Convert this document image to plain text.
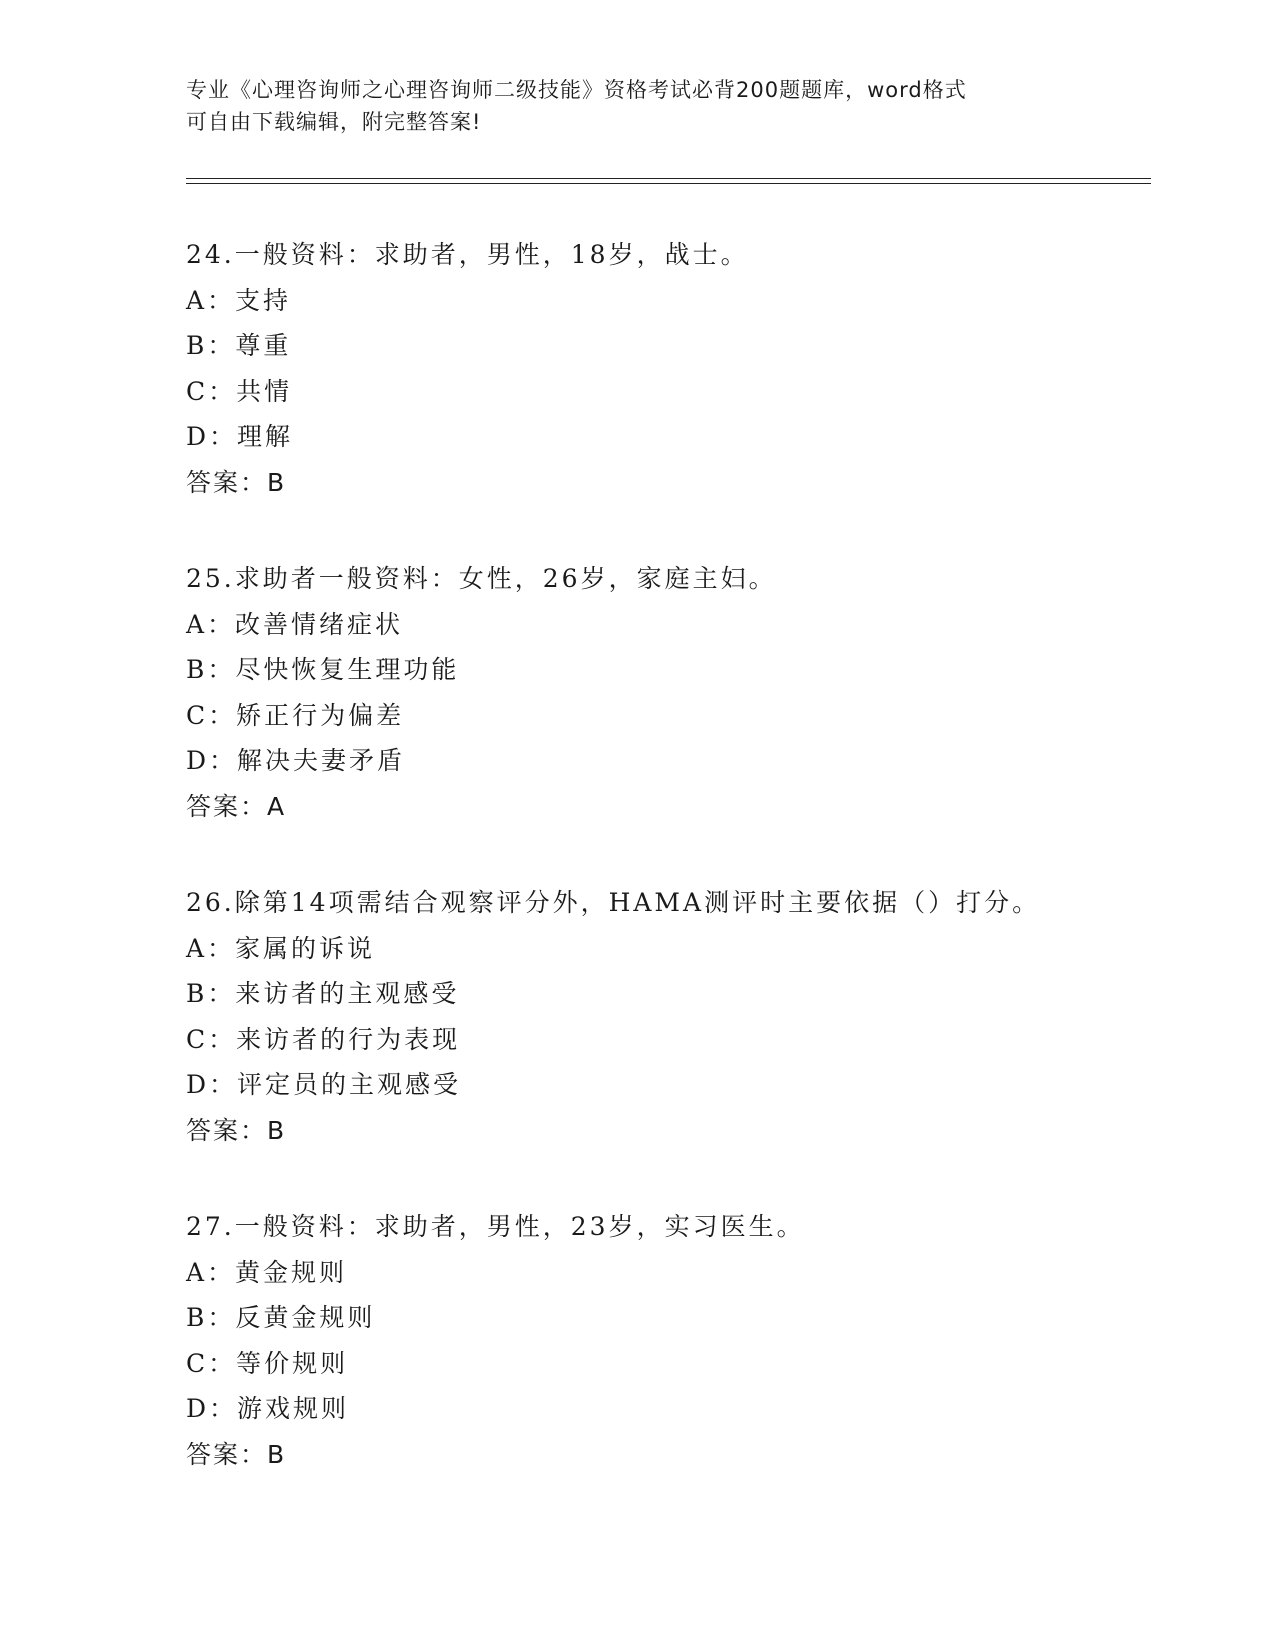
专业《心理咨询师之心理咨询师二级技能》资格考试必背200题题库，word格式
可自由下载编辑，附完整答案!
24.一般资料：求助者，男性，18岁，战士。
A：支持
B：尊重
C：共情
D：理解
答案：B
25.求助者一般资料：女性，26岁，家庭主妇。
A：改善情绪症状
B：尽快恢复生理功能
C：矫正行为偏差
D：解决夫妻矛盾
答案：A
26.除第14项需结合观察评分外，HAMA测评时主要依据（）打分。
A：家属的诉说
B：来访者的主观感受
C：来访者的行为表现
D：评定员的主观感受
答案：B
27.一般资料：求助者，男性，23岁，实习医生。
A：黄金规则
B：反黄金规则
C：等价规则
D：游戏规则
答案：B
